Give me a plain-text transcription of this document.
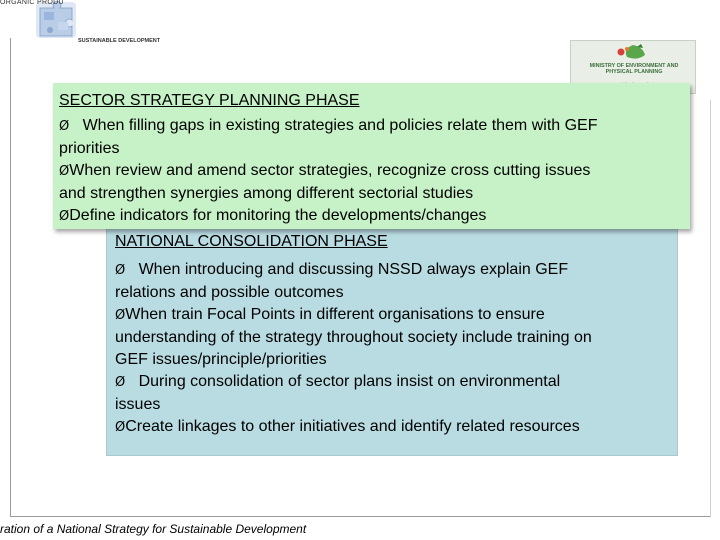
ORGANIC PRODU
SUSTAINABLE DEVELOPMENT
MINISTRY OF ENVIRONMENT AND PHYSICAL PLANNING
NATIONAL CONSOLIDATION PHASE
Ø When introducing and discussing NSSD always explain GEF
relations and possible outcomes
ØWhen train Focal Points in different organisations to ensure
understanding of the strategy throughout society include training on
GEF issues/principle/priorities
Ø During consolidation of sector plans insist on environmental
issues
ØCreate linkages to other initiatives and identify related resources
SECTOR STRATEGY PLANNING PHASE
Ø When filling gaps in existing strategies and policies relate them with GEF
priorities
ØWhen review and amend sector strategies, recognize cross cutting issues
and strengthen synergies among different sectorial studies
ØDefine indicators for monitoring the developments/changes
ration of a National Strategy for Sustainable Development
